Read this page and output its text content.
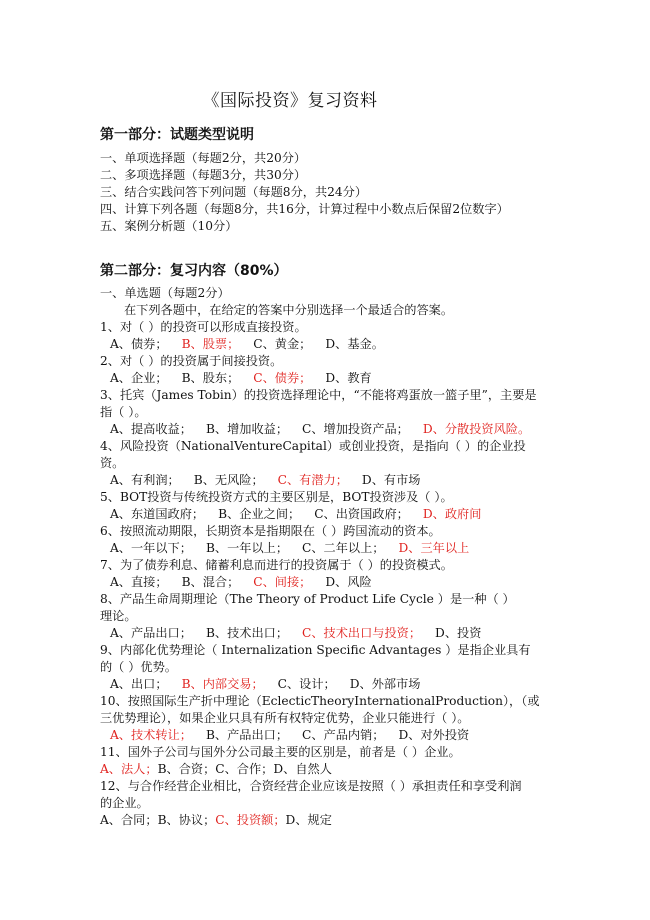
《国际投资》复习资料
第一部分：试题类型说明
一、单项选择题（每题2分，共20分）
二、多项选择题（每题3分，共30分）
三、结合实践问答下列问题（每题8分，共24分）
四、计算下列各题（每题8分，共16分，计算过程中小数点后保留2位数字）
五、案例分析题（10分）
第二部分：复习内容（80%）
一、单选题（每题2分）
在下列各题中，在给定的答案中分别选择一个最适合的答案。
1、对（ ）的投资可以形成直接投资。
A、债券； B、股票； C、黄金； D、基金。
2、对（ ）的投资属于间接投资。
A、企业； B、股东； C、债券； D、教育
3、托宾（James Tobin）的投资选择理论中，“不能将鸡蛋放一篮子里”，主要是
指（ ）。
A、提高收益； B、增加收益； C、增加投资产品； D、分散投资风险。
4、风险投资（NationalVentureCapital）或创业投资，是指向（ ）的企业投
资。
A、有利润； B、无风险； C、有潜力； D、有市场
5、BOT投资与传统投资方式的主要区别是，BOT投资涉及（ ）。
A、东道国政府； B、企业之间； C、出资国政府； D、政府间
6、按照流动期限，长期资本是指期限在（ ）跨国流动的资本。
A、一年以下； B、一年以上； C、二年以上； D、三年以上
7、为了债券利息、储蓄利息而进行的投资属于（ ）的投资模式。
A、直接； B、混合； C、间接； D、风险
8、产品生命周期理论（The Theory of Product Life Cycle ）是一种（ ）
理论。
A、产品出口； B、技术出口； C、技术出口与投资； D、投资
9、内部化优势理论（ Internalization Specific Advantages ）是指企业具有
的（ ）优势。
A、出口； B、内部交易； C、设计； D、外部市场
10、按照国际生产折中理论（EclecticTheoryInternationalProduction），（或
三优势理论），如果企业只具有所有权特定优势，企业只能进行（ ）。
A、技术转让； B、产品出口； C、产品内销； D、对外投资
11、国外子公司与国外分公司最主要的区别是，前者是（ ）企业。
A、法人；B、合资；C、合作；D、自然人
12、与合作经营企业相比，合资经营企业应该是按照（ ）承担责任和享受利润
的企业。
A、合同；B、协议；C、投资额；D、规定
